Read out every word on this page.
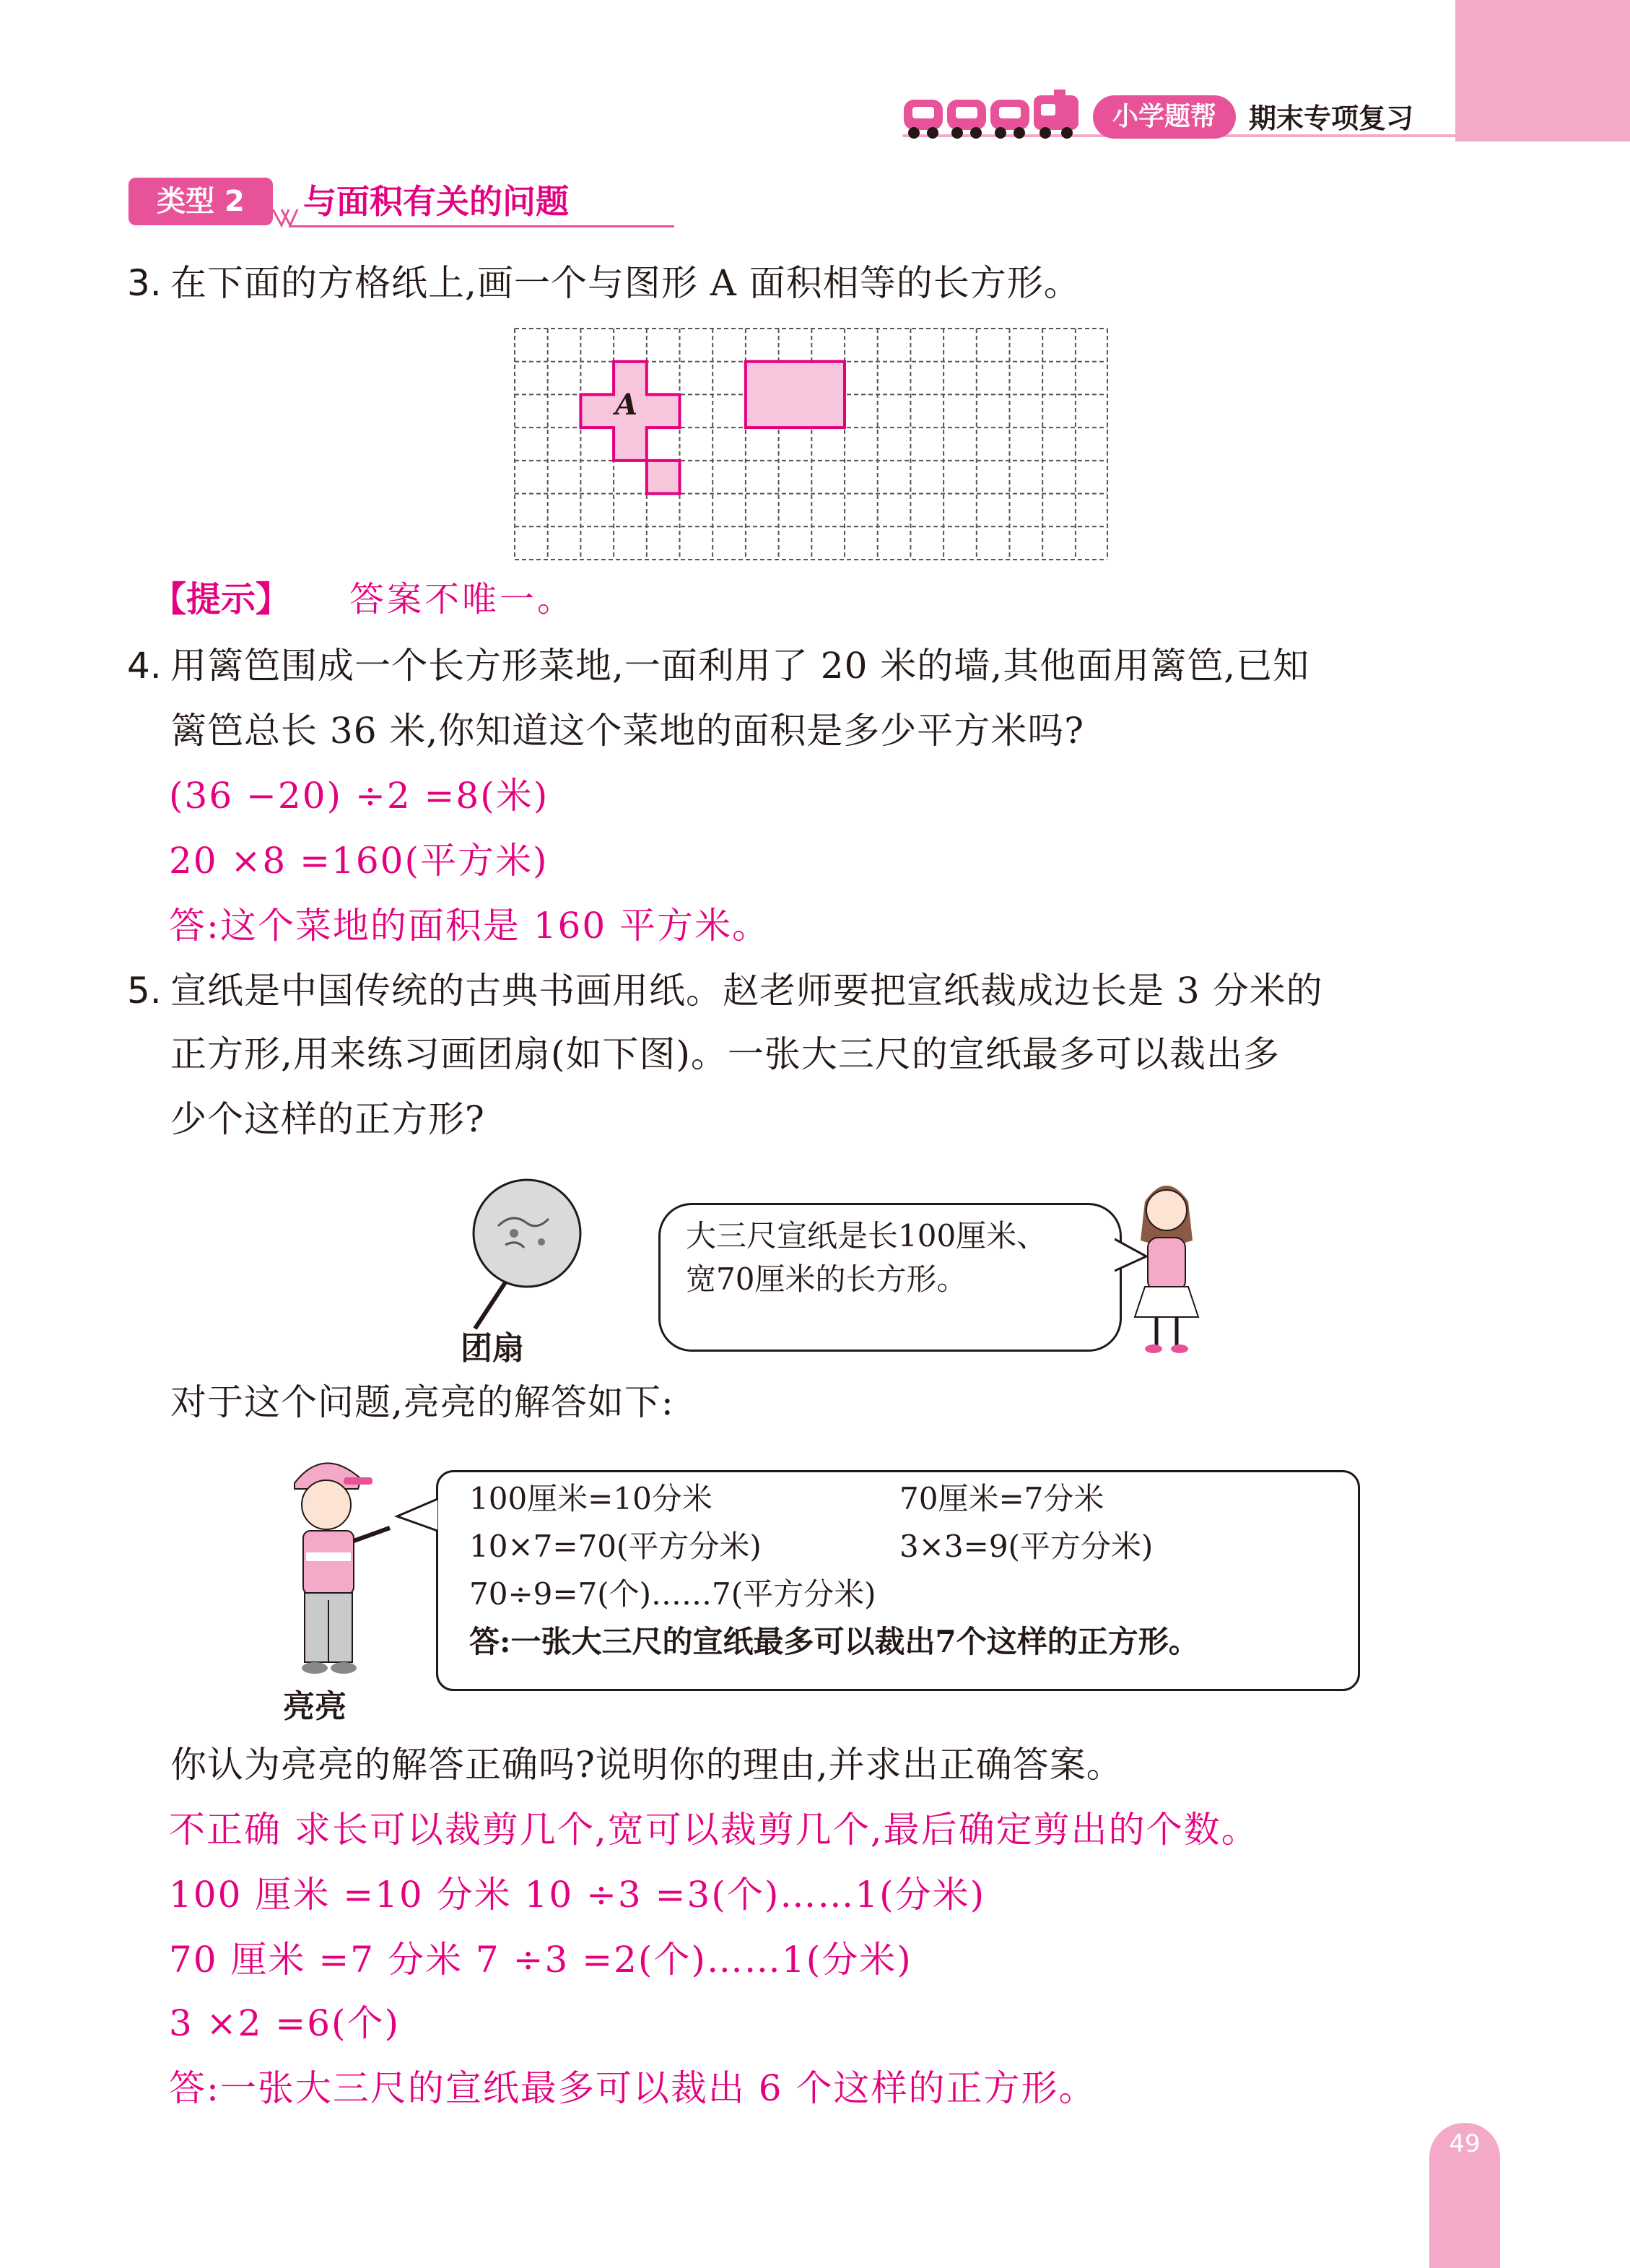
小学题帮	期末专项复习
类型 2	与面积有关的问题
3. 在下面的方格纸上,画一个与图形 A 面积相等的长方形。
A
【提示】 答案不唯一。
4. 用篱笆围成一个长方形菜地,一面利用了 20 米的墙,其他面用篱笆,已知
篱笆总长 36 米,你知道这个菜地的面积是多少平方米吗?
(36 −20) ÷2 =8(米)
20 ×8 =160(平方米)
答:这个菜地的面积是 160 平方米。
5. 宣纸是中国传统的古典书画用纸。赵老师要把宣纸裁成边长是 3 分米的
正方形,用来练习画团扇(如下图)。一张大三尺的宣纸最多可以裁出多
少个这样的正方形?
团扇
大三尺宣纸是长100厘米、
宽70厘米的长方形。
对于这个问题,亮亮的解答如下:
亮亮
100厘米=10分米	70厘米=7分米
10×7=70(平方分米)	3×3=9(平方分米)
70÷9=7(个)……7(平方分米)
答:一张大三尺的宣纸最多可以裁出7个这样的正方形。
你认为亮亮的解答正确吗?说明你的理由,并求出正确答案。
不正确 求长可以裁剪几个,宽可以裁剪几个,最后确定剪出的个数。
100 厘米 =10 分米 10 ÷3 =3(个)……1(分米)
70 厘米 =7 分米 7 ÷3 =2(个)……1(分米)
3 ×2 =6(个)
答:一张大三尺的宣纸最多可以裁出 6 个这样的正方形。
49
